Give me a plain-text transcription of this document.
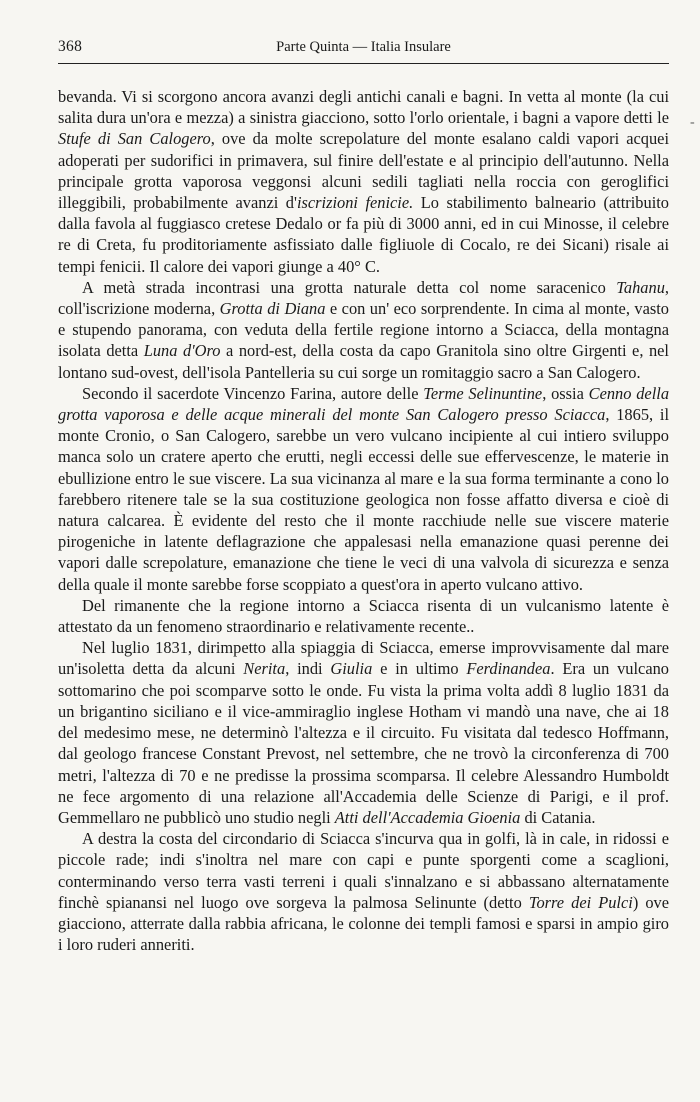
368	Parte Quinta — Italia Insulare
-

bevanda. Vi si scorgono ancora avanzi degli antichi canali e bagni. In vetta al monte (la cui salita dura un'ora e mezza) a sinistra giacciono, sotto l'orlo orientale, i bagni a vapore detti le Stufe di San Calogero, ove da molte screpolature del monte esalano caldi vapori acquei adoperati per sudorifici in primavera, sul finire dell'estate e al principio dell'autunno. Nella principale grotta vaporosa veggonsi alcuni sedili tagliati nella roccia con geroglifici illeggibili, probabilmente avanzi d'iscrizioni fenicie. Lo stabilimento balneario (attribuito dalla favola al fuggiasco cretese Dedalo or fa più di 3000 anni, ed in cui Minosse, il celebre re di Creta, fu proditoriamente asfissiato dalle figliuole di Cocalo, re dei Sicani) risale ai tempi fenicii. Il calore dei vapori giunge a 40° C.

A metà strada incontrasi una grotta naturale detta col nome saracenico Tahanu, coll'iscrizione moderna, Grotta di Diana e con un' eco sorprendente. In cima al monte, vasto e stupendo panorama, con veduta della fertile regione intorno a Sciacca, della montagna isolata detta Luna d'Oro a nord-est, della costa da capo Granitola sino oltre Girgenti e, nel lontano sud-ovest, dell'isola Pantelleria su cui sorge un romitaggio sacro a San Calogero.

Secondo il sacerdote Vincenzo Farina, autore delle Terme Selinuntine, ossia Cenno della grotta vaporosa e delle acque minerali del monte San Calogero presso Sciacca, 1865, il monte Cronio, o San Calogero, sarebbe un vero vulcano incipiente al cui intiero sviluppo manca solo un cratere aperto che erutti, negli eccessi delle sue effervescenze, le materie in ebullizione entro le sue viscere. La sua vicinanza al mare e la sua forma terminante a cono lo farebbero ritenere tale se la sua costituzione geologica non fosse affatto diversa e cioè di natura calcarea. È evidente del resto che il monte racchiude nelle sue viscere materie pirogeniche in latente deflagrazione che appalesasi nella emanazione quasi perenne dei vapori dalle screpolature, emanazione che tiene le veci di una valvola di sicurezza e senza della quale il monte sarebbe forse scoppiato a quest'ora in aperto vulcano attivo.

Del rimanente che la regione intorno a Sciacca risenta di un vulcanismo latente è attestato da un fenomeno straordinario e relativamente recente..

Nel luglio 1831, dirimpetto alla spiaggia di Sciacca, emerse improvvisamente dal mare un'isoletta detta da alcuni Nerita, indi Giulia e in ultimo Ferdinandea. Era un vulcano sottomarino che poi scomparve sotto le onde. Fu vista la prima volta addì 8 luglio 1831 da un brigantino siciliano e il vice-ammiraglio inglese Hotham vi mandò una nave, che ai 18 del medesimo mese, ne determinò l'altezza e il circuito. Fu visitata dal tedesco Hoffmann, dal geologo francese Constant Prevost, nel settembre, che ne trovò la circonferenza di 700 metri, l'altezza di 70 e ne predisse la prossima scomparsa. Il celebre Alessandro Humboldt ne fece argomento di una relazione all'Accademia delle Scienze di Parigi, e il prof. Gemmellaro ne pubblicò uno studio negli Atti dell'Accademia Gioenia di Catania.

A destra la costa del circondario di Sciacca s'incurva qua in golfi, là in cale, in ridossi e piccole rade; indi s'inoltra nel mare con capi e punte sporgenti come a scaglioni, conterminando verso terra vasti terreni i quali s'innalzano e si abbassano alternatamente finchè spianansi nel luogo ove sorgeva la palmosa Selinunte (detto Torre dei Pulci) ove giacciono, atterrate dalla rabbia africana, le colonne dei templi famosi e sparsi in ampio giro i loro ruderi anneriti.
